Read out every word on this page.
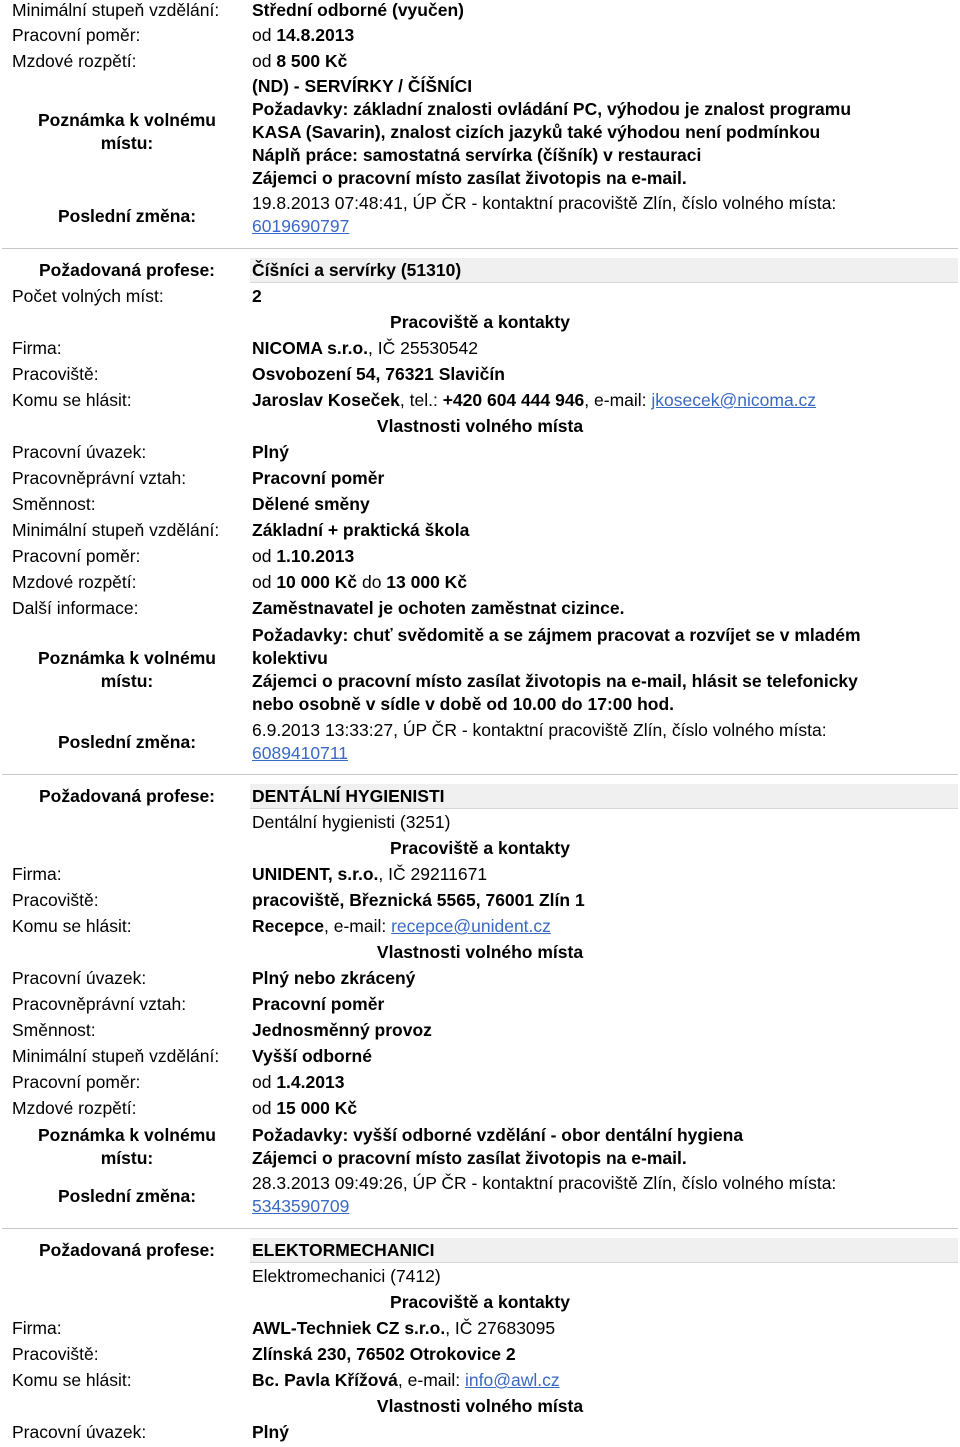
Minimální stupeň vzdělání: Střední odborné (vyučen)
Pracovní poměr:	od 14.8.2013
Mzdové rozpětí:	od 8 500 Kč
Poznámka k volnému místu:
(ND) - SERVÍRKY / ČÍŠNÍCI
Požadavky: základní znalosti ovládání PC, výhodou je znalost programu
KASA (Savarin), znalost cizích jazyků také výhodou není podmínkou
Náplň práce: samostatná servírka (číšník) v restauraci
Zájemci o pracovní místo zasílat životopis na e-mail.
Poslední změna:
19.8.2013 07:48:41, ÚP ČR - kontaktní pracoviště Zlín, číslo volného místa:
6019690797
Požadovaná profese:	Číšníci a servírky (51310)
Počet volných míst:	2
Pracoviště a kontakty
Firma:	NICOMA s.r.o., IČ 25530542
Pracoviště:	Osvobození 54, 76321 Slavičín
Komu se hlásit:	Jaroslav Koseček, tel.: +420 604 444 946, e-mail: jkosecek@nicoma.cz
Vlastnosti volného místa
Pracovní úvazek:	Plný
Pracovněprávní vztah:	Pracovní poměr
Směnnost:	Dělené směny
Minimální stupeň vzdělání: Základní + praktická škola
Pracovní poměr:	od 1.10.2013
Mzdové rozpětí:	od 10 000 Kč do 13 000 Kč
Další informace:	Zaměstnavatel je ochoten zaměstnat cizince.
Poznámka k volnému místu:
Požadavky: chuť svědomitě a se zájmem pracovat a rozvíjet se v mladém
kolektivu
Zájemci o pracovní místo zasílat životopis na e-mail, hlásit se telefonicky
nebo osobně v sídle v době od 10.00 do 17:00 hod.
Poslední změna:
6.9.2013 13:33:27, ÚP ČR - kontaktní pracoviště Zlín, číslo volného místa:
6089410711
Požadovaná profese:	DENTÁLNÍ HYGIENISTI
Dentální hygienisti (3251)
Pracoviště a kontakty
Firma:	UNIDENT, s.r.o., IČ 29211671
Pracoviště:	pracoviště, Březnická 5565, 76001 Zlín 1
Komu se hlásit:	Recepce, e-mail: recepce@unident.cz
Vlastnosti volného místa
Pracovní úvazek:	Plný nebo zkrácený
Pracovněprávní vztah:	Pracovní poměr
Směnnost:	Jednosměnný provoz
Minimální stupeň vzdělání: Vyšší odborné
Pracovní poměr:	od 1.4.2013
Mzdové rozpětí:	od 15 000 Kč
Poznámka k volnému místu:
Požadavky: vyšší odborné vzdělání - obor dentální hygiena
Zájemci o pracovní místo zasílat životopis na e-mail.
Poslední změna:
28.3.2013 09:49:26, ÚP ČR - kontaktní pracoviště Zlín, číslo volného místa:
5343590709
Požadovaná profese:	ELEKTORMECHANICI
Elektromechanici (7412)
Pracoviště a kontakty
Firma:	AWL-Techniek CZ s.r.o., IČ 27683095
Pracoviště:	Zlínská 230, 76502 Otrokovice 2
Komu se hlásit:	Bc. Pavla Křížová, e-mail: info@awl.cz
Vlastnosti volného místa
Pracovní úvazek:	Plný
